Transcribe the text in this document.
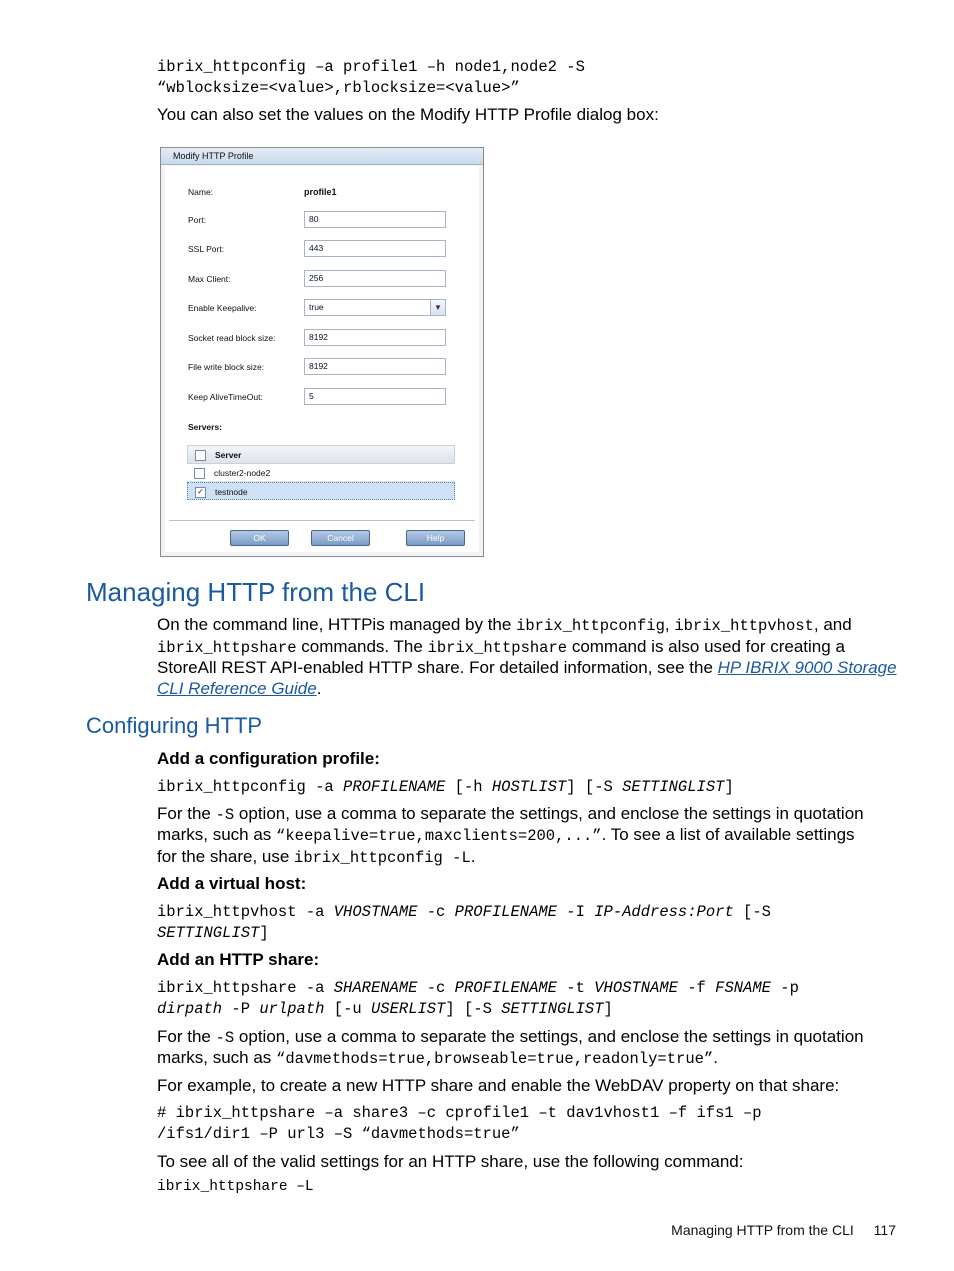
ibrix_httpconfig –a profile1 –h node1,node2 -S
“wblocksize=<value>,rblocksize=<value>”
You can also set the values on the Modify HTTP Profile dialog box:
Modify HTTP Profile
Name:	profile1
Port:	80
SSL Port:	443
Max Client:	256
Enable Keepalive:	true	▼
Socket read block size:	8192
File write block size:	8192
Keep AliveTimeOut:	5
Servers:
Server
cluster2-node2
✓ testnode
OK	Cancel	Help
Managing HTTP from the CLI
On the command line, HTTPis managed by the ibrix_httpconfig, ibrix_httpvhost, and
ibrix_httpshare commands. The ibrix_httpshare command is also used for creating a
StoreAll REST API-enabled HTTP share. For detailed information, see the HP IBRIX 9000 Storage
CLI Reference Guide.
Configuring HTTP
Add a configuration profile:
ibrix_httpconfig -a PROFILENAME [-h HOSTLIST] [-S SETTINGLIST]
For the -S option, use a comma to separate the settings, and enclose the settings in quotation
marks, such as “keepalive=true,maxclients=200,...”. To see a list of available settings
for the share, use ibrix_httpconfig -L.
Add a virtual host:
ibrix_httpvhost -a VHOSTNAME -c PROFILENAME -I IP-Address:Port [-S
SETTINGLIST]
Add an HTTP share:
ibrix_httpshare -a SHARENAME -c PROFILENAME -t VHOSTNAME -f FSNAME -p
dirpath -P urlpath [-u USERLIST] [-S SETTINGLIST]
For the -S option, use a comma to separate the settings, and enclose the settings in quotation
marks, such as “davmethods=true,browseable=true,readonly=true”.
For example, to create a new HTTP share and enable the WebDAV property on that share:
# ibrix_httpshare –a share3 –c cprofile1 –t dav1vhost1 –f ifs1 –p
/ifs1/dir1 –P url3 –S “davmethods=true”
To see all of the valid settings for an HTTP share, use the following command:
ibrix_httpshare –L
Managing HTTP from the CLI 117
